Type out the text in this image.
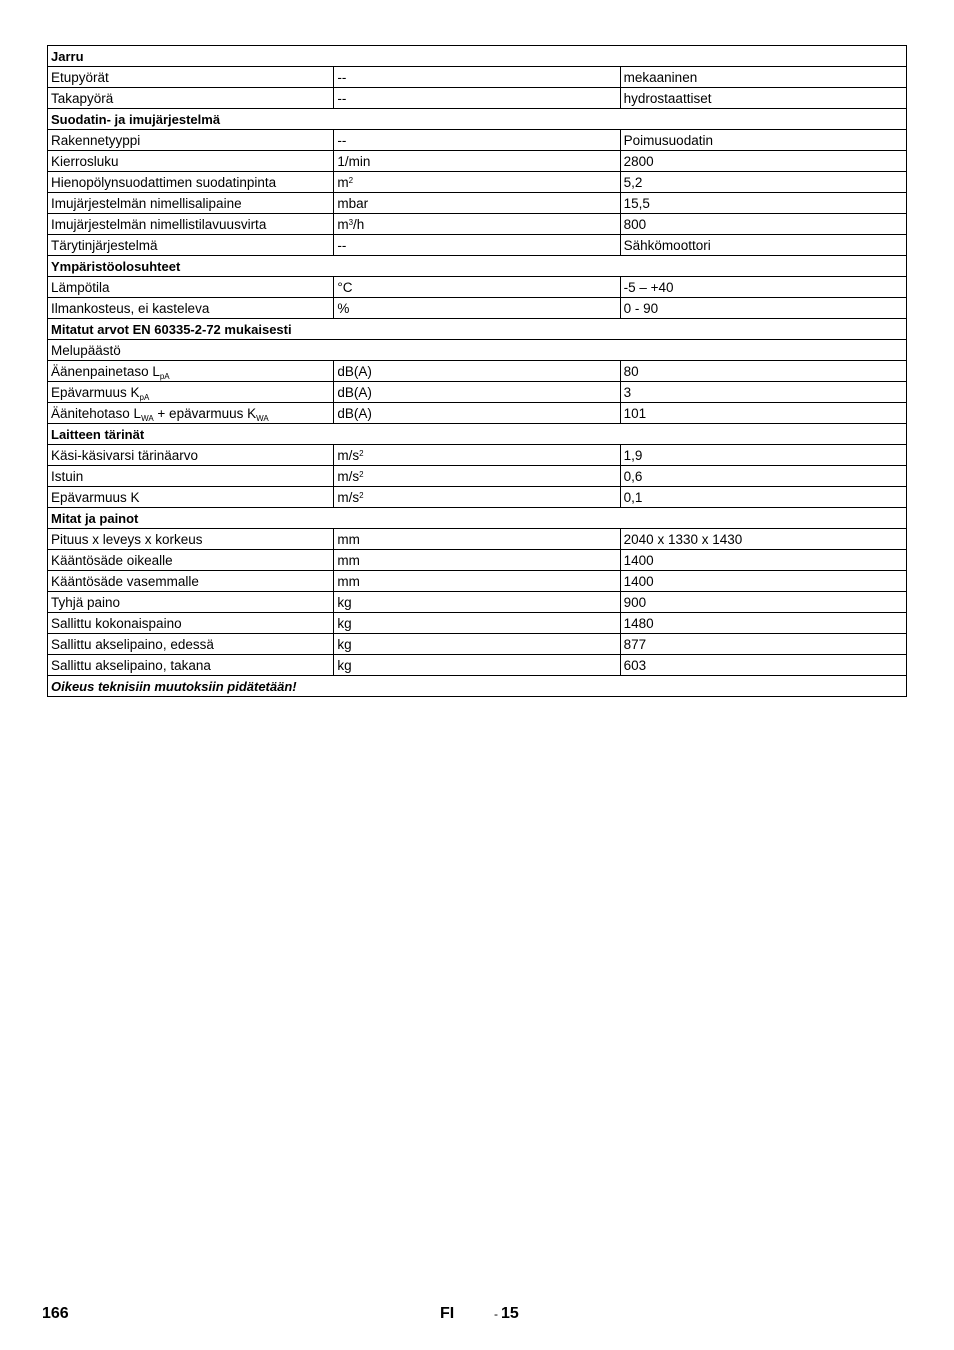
Jarru		
Etupyörät	--	mekaaninen
Takapyörä	--	hydrostaattiset
Suodatin- ja imujärjestelmä		
Rakennetyyppi	--	Poimusuodatin
Kierrosluku	1/min	2800
Hienopölynsuodattimen suodatinpinta	$m^2$	5,2
Imujärjestelmän nimellisalipaine	mbar	15,5
Imujärjestelmän nimellistilavuusvirta	$m^3/h$	800
Tärytinjärjestelmä	--	Sähkömoottori
Ympäristöolosuhteet		
Lämpötila	°C	-5 – +40
Ilmankosteus, ei kasteleva	%	0 - 90
Mitatut arvot EN 60335-2-72 mukaisesti		
Melupäästö		
Äänenpainetaso $L_{pA}$	dB(A)	80
Epävarmuus $K_{pA}$	dB(A)	3
Äänitehotaso $L_{WA}$ + epävarmuus $K_{WA}$	dB(A)	101
Laitteen tärinät		
Käsi-käsivarsi tärinäarvo	$m/s^2$	1,9
Istuin	$m/s^2$	0,6
Epävarmuus K	$m/s^2$	0,1
Mitat ja painot		
Pituus x leveys x korkeus	mm	2040 x 1330 x 1430
Kääntösäde oikealle	mm	1400
Kääntösäde vasemmalle	mm	1400
Tyhjä paino	kg	900
Sallittu kokonaispaino	kg	1480
Sallittu akselipaino, edessä	kg	877
Sallittu akselipaino, takana	kg	603
Oikeus teknisiin muutoksiin pidätetään!		
166	FI	- 15
